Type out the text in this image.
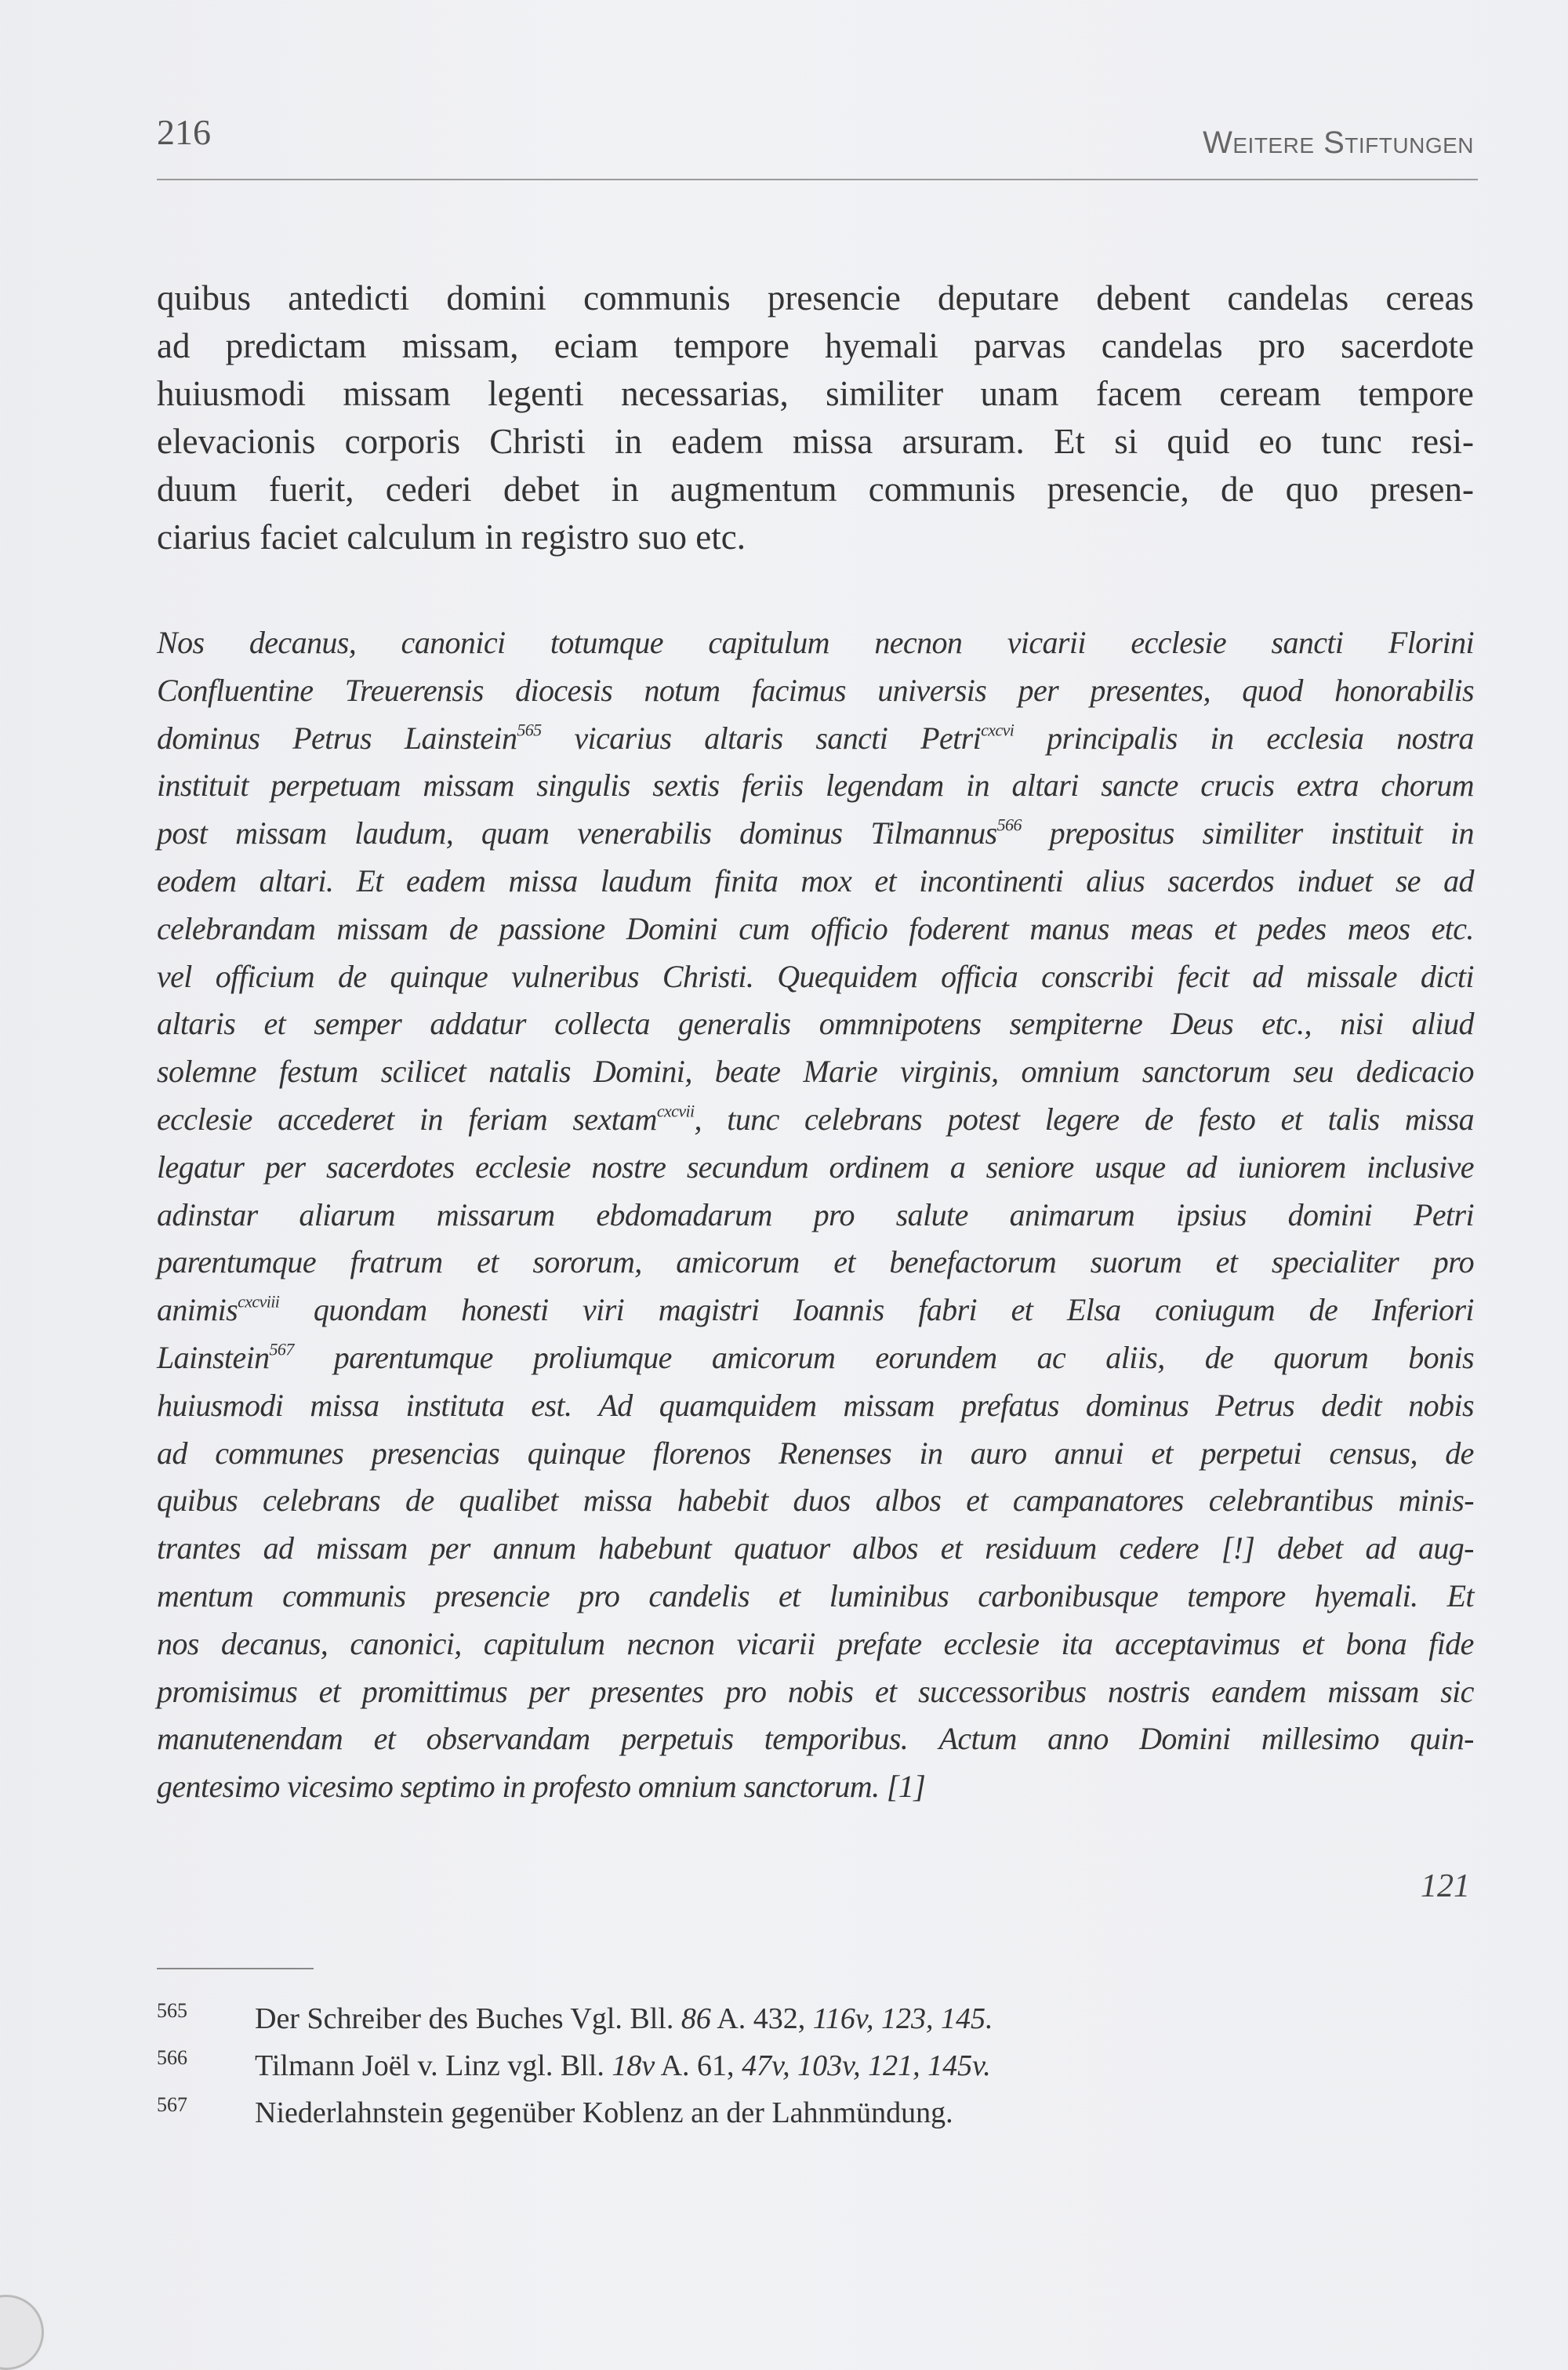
216	Weitere Stiftungen
quibus antedicti domini communis presencie deputare debent candelas cereas
ad predictam missam, eciam tempore hyemali parvas candelas pro sacerdote
huiusmodi missam legenti necessarias, similiter unam facem ceream tempore
elevacionis corporis Christi in eadem missa arsuram. Et si quid eo tunc resi-
duum fuerit, cederi debet in augmentum communis presencie, de quo presen-
ciarius faciet calculum in registro suo etc.
Nos decanus, canonici totumque capitulum necnon vicarii ecclesie sancti Florini
Confluentine Treuerensis diocesis notum facimus universis per presentes, quod honorabilis
dominus Petrus Lainstein$^{565}$ vicarius altaris sancti Petri$^{cxcvi}$ principalis in ecclesia nostra
instituit perpetuam missam singulis sextis feriis legendam in altari sancte crucis extra chorum
post missam laudum, quam venerabilis dominus Tilmannus$^{566}$ prepositus similiter instituit in
eodem altari. Et eadem missa laudum finita mox et incontinenti alius sacerdos induet se ad
celebrandam missam de passione Domini cum officio foderent manus meas et pedes meos etc.
vel officium de quinque vulneribus Christi. Quequidem officia conscribi fecit ad missale dicti
altaris et semper addatur collecta generalis ommnipotens sempiterne Deus etc., nisi aliud
solemne festum scilicet natalis Domini, beate Marie virginis, omnium sanctorum seu dedicacio
ecclesie accederet in feriam sextam$^{cxcvii}$, tunc celebrans potest legere de festo et talis missa
legatur per sacerdotes ecclesie nostre secundum ordinem a seniore usque ad iuniorem inclusive
adinstar aliarum missarum ebdomadarum pro salute animarum ipsius domini Petri
parentumque fratrum et sororum, amicorum et benefactorum suorum et specialiter pro
animis$^{cxcviii}$ quondam honesti viri magistri Ioannis fabri et Elsa coniugum de Inferiori
Lainstein$^{567}$ parentumque proliumque amicorum eorundem ac aliis, de quorum bonis
huiusmodi missa instituta est. Ad quamquidem missam prefatus dominus Petrus dedit nobis
ad communes presencias quinque florenos Renenses in auro annui et perpetui census, de
quibus celebrans de qualibet missa habebit duos albos et campanatores celebrantibus minis-
trantes ad missam per annum habebunt quatuor albos et residuum cedere [!] debet ad aug-
mentum communis presencie pro candelis et luminibus carbonibusque tempore hyemali. Et
nos decanus, canonici, capitulum necnon vicarii prefate ecclesie ita acceptavimus et bona fide
promisimus et promittimus per presentes pro nobis et successoribus nostris eandem missam sic
manutenendam et observandam perpetuis temporibus. Actum anno Domini millesimo quin-
gentesimo vicesimo septimo in profesto omnium sanctorum. [1]
121
565	Der Schreiber des Buches Vgl. Bll. 86 A. 432, 116v, 123, 145.
566	Tilmann Joël v. Linz vgl. Bll. 18v A. 61, 47v, 103v, 121, 145v.
567	Niederlahnstein gegenüber Koblenz an der Lahnmündung.
